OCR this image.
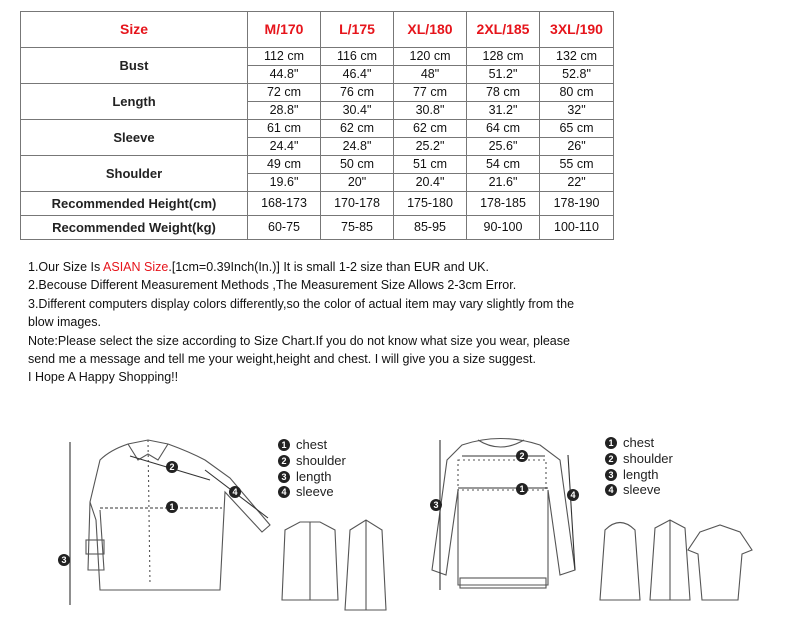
Size	M/170	L/175	XL/180	2XL/185	3XL/190
Bust	112 cm	116 cm	120 cm	128 cm	132 cm
	44.8"	46.4"	48"	51.2"	52.8"
Length	72 cm	76 cm	77 cm	78 cm	80 cm
	28.8"	30.4"	30.8"	31.2"	32"
Sleeve	61 cm	62 cm	62 cm	64 cm	65 cm
	24.4"	24.8"	25.2"	25.6"	26"
Shoulder	49 cm	50 cm	51 cm	54 cm	55 cm
	19.6"	20"	20.4"	21.6"	22"
Recommended Height(cm)	168-173	170-178	175-180	178-185	178-190
Recommended Weight(kg)	60-75	75-85	85-95	90-100	100-110
1.Our Size Is ASIAN Size.[1cm=0.39Inch(In.)] It is small 1-2 size than EUR and UK.
2.Becouse Different Measurement Methods ,The Measurement Size Allows 2-3cm Error.
3.Different computers display colors differently,so the color of actual item may vary slightly from the
blow images.
Note:Please select the size according to Size Chart.If you do not know what size you wear, please
send me a message and tell me your weight,height and chest. I will give you a size suggest.
I Hope A Happy Shopping!!
3
1
2
4
3
2
1
4
1 chest
2 shoulder
3 length
4 sleeve
1 chest
2 shoulder
3 length
4 sleeve
